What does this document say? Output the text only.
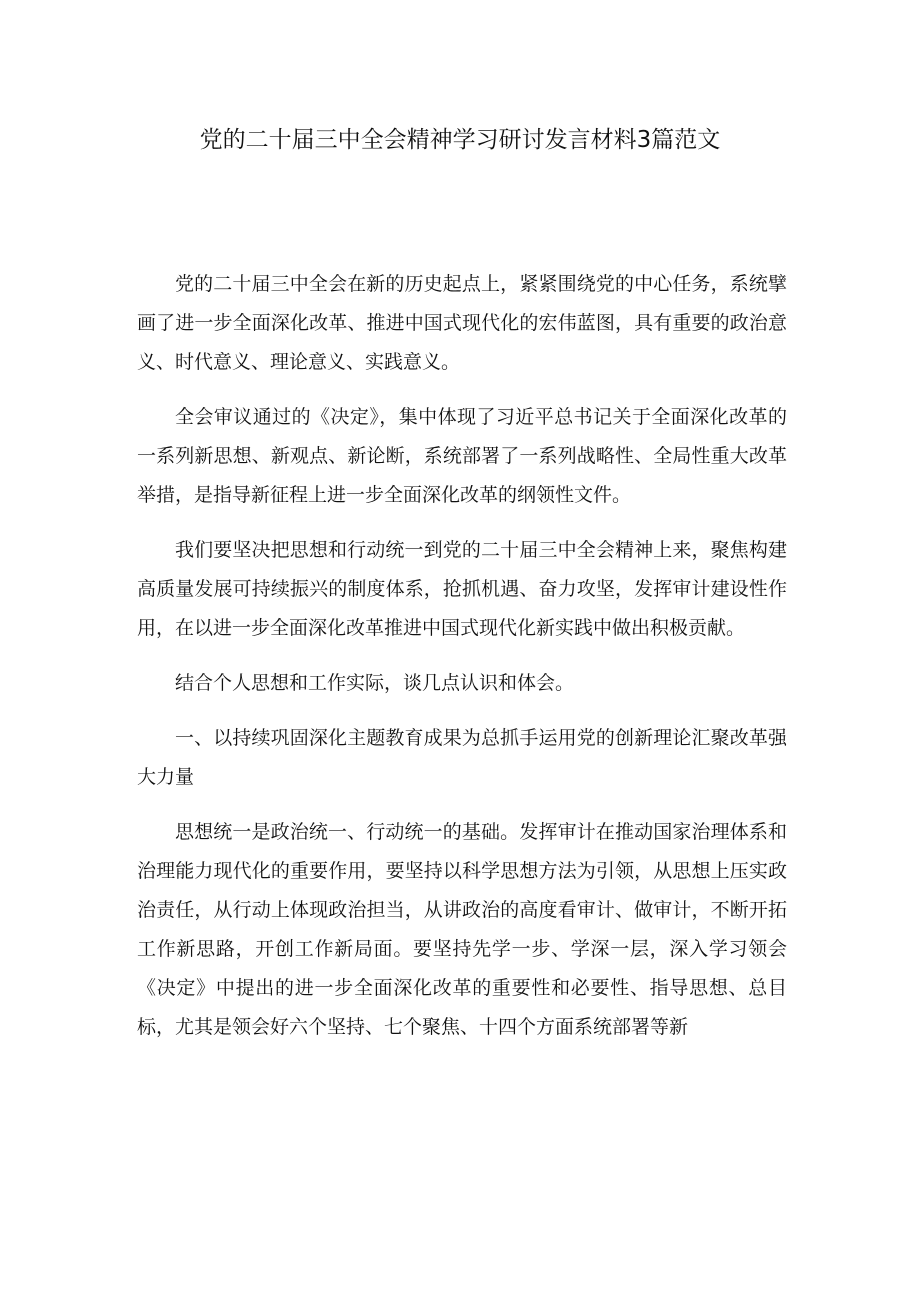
党的二十届三中全会精神学习研讨发言材料3篇范文

党的二十届三中全会在新的历史起点上，紧紧围绕党的中心任务，系统擘画了进一步全面深化改革、推进中国式现代化的宏伟蓝图，具有重要的政治意义、时代意义、理论意义、实践意义。

全会审议通过的《决定》，集中体现了习近平总书记关于全面深化改革的一系列新思想、新观点、新论断，系统部署了一系列战略性、全局性重大改革举措，是指导新征程上进一步全面深化改革的纲领性文件。

我们要坚决把思想和行动统一到党的二十届三中全会精神上来，聚焦构建高质量发展可持续振兴的制度体系，抢抓机遇、奋力攻坚，发挥审计建设性作用，在以进一步全面深化改革推进中国式现代化新实践中做出积极贡献。

结合个人思想和工作实际，谈几点认识和体会。

一、以持续巩固深化主题教育成果为总抓手运用党的创新理论汇聚改革强大力量

思想统一是政治统一、行动统一的基础。发挥审计在推动国家治理体系和治理能力现代化的重要作用，要坚持以科学思想方法为引领，从思想上压实政治责任，从行动上体现政治担当，从讲政治的高度看审计、做审计，不断开拓工作新思路，开创工作新局面。要坚持先学一步、学深一层，深入学习领会《决定》中提出的进一步全面深化改革的重要性和必要性、指导思想、总目标，尤其是领会好六个坚持、七个聚焦、十四个方面系统部署等新
